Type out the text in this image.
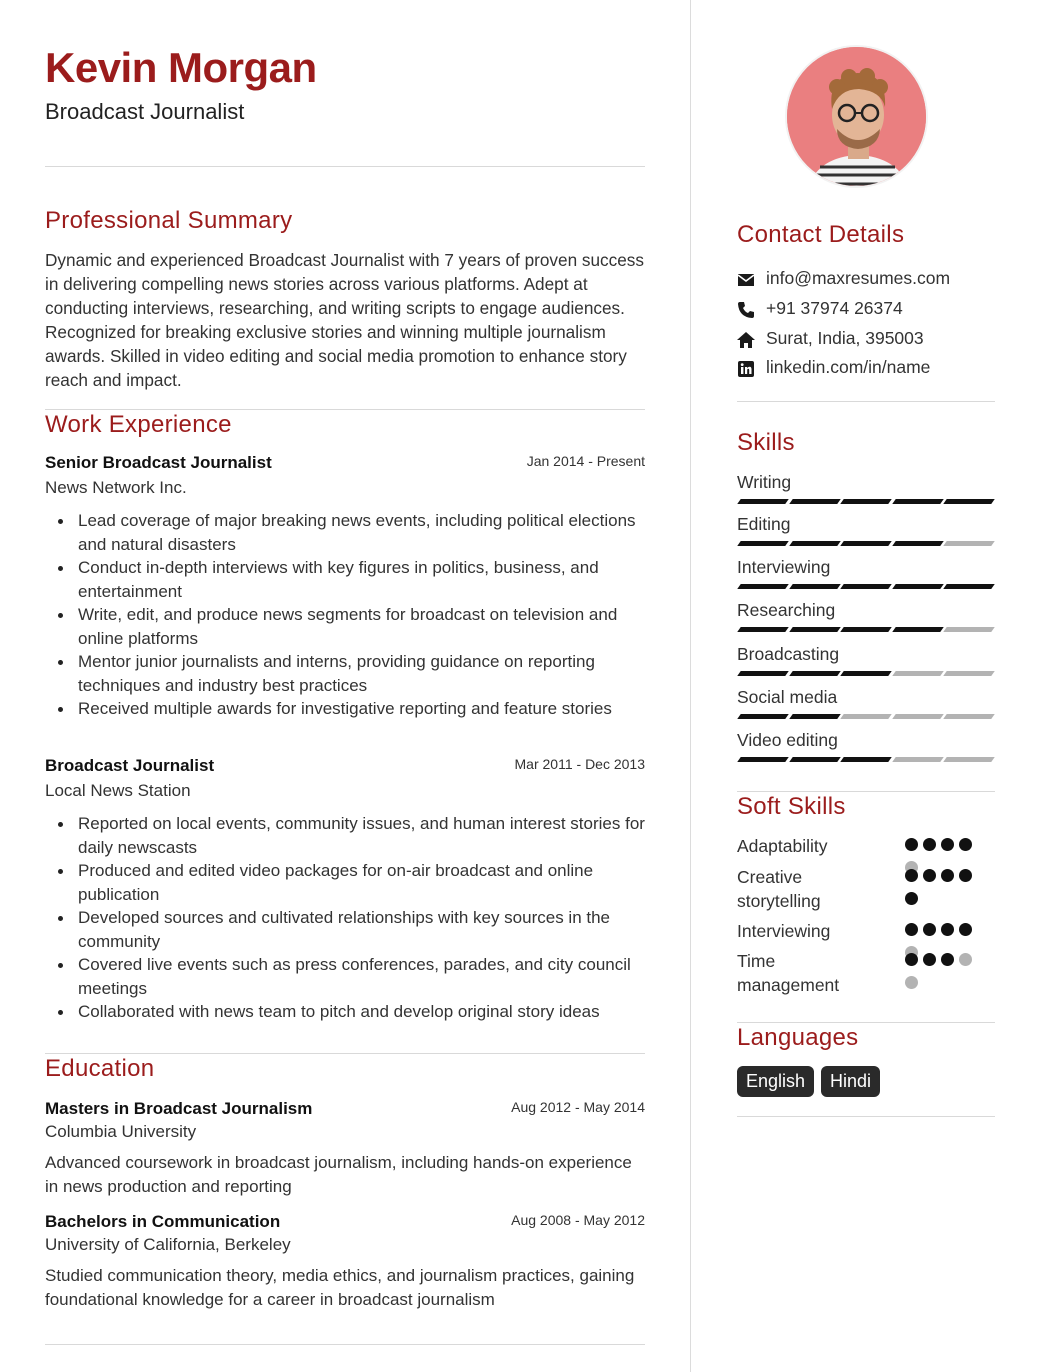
Kevin Morgan
Broadcast Journalist
Professional Summary
Dynamic and experienced Broadcast Journalist with 7 years of proven success in delivering compelling news stories across various platforms. Adept at conducting interviews, researching, and writing scripts to engage audiences. Recognized for breaking exclusive stories and winning multiple journalism awards. Skilled in video editing and social media promotion to enhance story reach and impact.
Work Experience
Senior Broadcast Journalist	Jan 2014 - Present
News Network Inc.
Lead coverage of major breaking news events, including political elections and natural disasters
Conduct in-depth interviews with key figures in politics, business, and entertainment
Write, edit, and produce news segments for broadcast on television and online platforms
Mentor junior journalists and interns, providing guidance on reporting techniques and industry best practices
Received multiple awards for investigative reporting and feature stories
Broadcast Journalist	Mar 2011 - Dec 2013
Local News Station
Reported on local events, community issues, and human interest stories for daily newscasts
Produced and edited video packages for on-air broadcast and online publication
Developed sources and cultivated relationships with key sources in the community
Covered live events such as press conferences, parades, and city council meetings
Collaborated with news team to pitch and develop original story ideas
Education
Masters in Broadcast Journalism	Aug 2012 - May 2014
Columbia University
Advanced coursework in broadcast journalism, including hands-on experience in news production and reporting
Bachelors in Communication	Aug 2008 - May 2012
University of California, Berkeley
Studied communication theory, media ethics, and journalism practices, gaining foundational knowledge for a career in broadcast journalism
Contact Details
info@maxresumes.com
+91 37974 26374
Surat, India, 395003
linkedin.com/in/name
Skills
Writing
Editing
Interviewing
Researching
Broadcasting
Social media
Video editing
Soft Skills
Adaptability
Creative storytelling
Interviewing
Time management
Languages
English	Hindi
